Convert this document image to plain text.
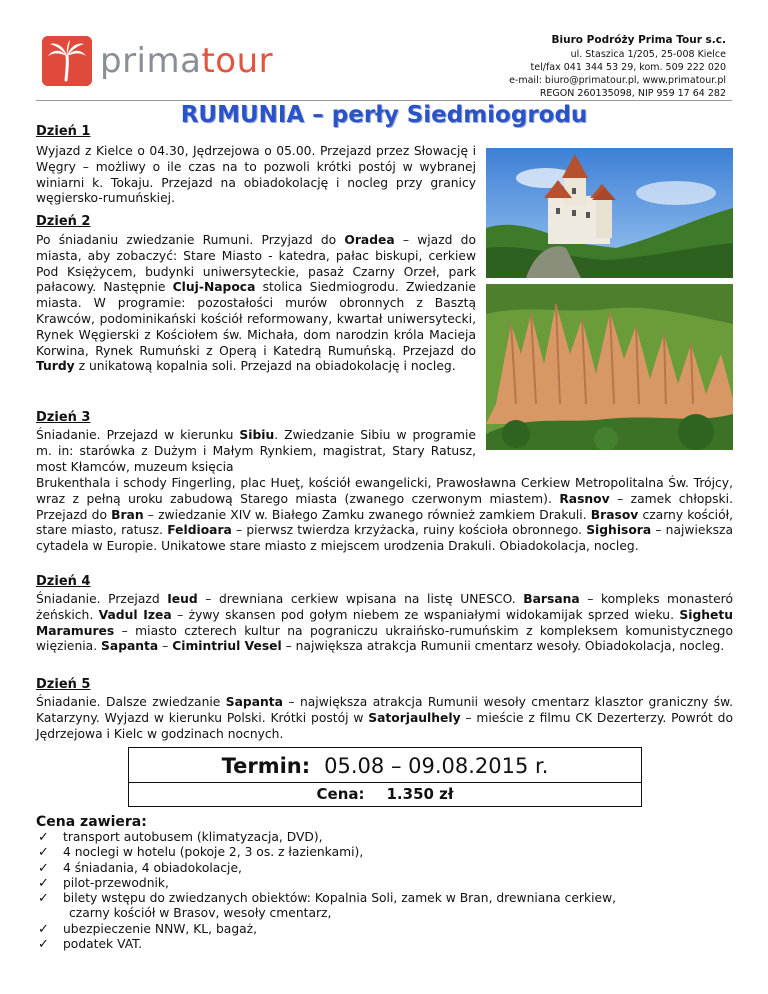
primatour
Biuro Podróży Prima Tour s.c.
ul. Staszica 1/205, 25-008 Kielce
tel/fax 041 344 53 29, kom. 509 222 020
e-mail: biuro@primatour.pl, www.primatour.pl
REGON 260135098, NIP 959 17 64 282
RUMUNIA – perły Siedmiogrodu
Dzień 1
Wyjazd z Kielce o 04.30, Jędrzejowa o 05.00. Przejazd przez Słowację i Węgry – możliwy o ile czas na to pozwoli krótki postój w wybranej winiarni k. Tokaju. Przejazd na obiadokolację i nocleg przy granicy węgiersko-rumuńskiej.
Dzień 2
Po śniadaniu zwiedzanie Rumuni. Przyjazd do Oradea – wjazd do miasta, aby zobaczyć: Stare Miasto - katedra, pałac biskupi, cerkiew Pod Księżycem, budynki uniwersyteckie, pasaż Czarny Orzeł, park pałacowy. Następnie Cluj-Napoca stolica Siedmiogrodu. Zwiedzanie miasta. W programie: pozostałości murów obronnych z Basztą Krawców, podominikański kościół reformowany, kwartał uniwersytecki, Rynek Węgierski z Kościołem św. Michała, dom narodzin króla Macieja Korwina, Rynek Rumuński z Operą i Katedrą Rumuńską. Przejazd do Turdy z unikatową kopalnia soli. Przejazd na obiadokolację i nocleg.
Dzień 3
Śniadanie. Przejazd w kierunku Sibiu. Zwiedzanie Sibiu w programie m. in: starówka z Dużym i Małym Rynkiem, magistrat, Stary Ratusz, most Kłamców, muzeum księcia
Brukenthala i schody Fingerling, plac Hueţ, kościół ewangelicki, Prawosławna Cerkiew Metropolitalna Św. Trójcy, wraz z pełną uroku zabudową Starego miasta (zwanego czerwonym miastem). Rasnov – zamek chłopski. Przejazd do Bran – zwiedzanie XIV w. Białego Zamku zwanego również zamkiem Drakuli. Brasov czarny kościół, stare miasto, ratusz. Feldioara – pierwsz twierdza krzyżacka, ruiny kościoła obronnego. Sighisora – najwieksza cytadela w Europie. Unikatowe stare miasto z miejscem urodzenia Drakuli. Obiadokolacja, nocleg.
Dzień 4
Śniadanie. Przejazd Ieud – drewniana cerkiew wpisana na listę UNESCO. Barsana – kompleks monasteró żeńskich. Vadul Izea – żywy skansen pod gołym niebem ze wspaniałymi widokamijak sprzed wieku. Sighetu Maramures – miasto czterech kultur na pograniczu ukraińsko-rumuńskim z kompleksem komunistycznego więzienia. Sapanta – Cimintriul Vesel – największa atrakcja Rumunii cmentarz wesoły. Obiadokolacja, nocleg.
Dzień 5
Śniadanie. Dalsze zwiedzanie Sapanta – największa atrakcja Rumunii wesoły cmentarz klasztor graniczny św. Katarzyny. Wyjazd w kierunku Polski. Krótki postój w Satorjaulhely – mieście z filmu CK Dezerterzy. Powrót do Jędrzejowa i Kielc w godzinach nocnych.
Termin: 05.08 – 09.08.2015 r.
Cena: 1.350 zł
Cena zawiera:
✓ transport autobusem (klimatyzacja, DVD),
✓ 4 noclegi w hotelu (pokoje 2, 3 os. z łazienkami),
✓ 4 śniadania, 4 obiadokolacje,
✓ pilot-przewodnik,
✓ bilety wstępu do zwiedzanych obiektów: Kopalnia Soli, zamek w Bran, drewniana cerkiew,
czarny kościół w Brasov, wesoły cmentarz,
✓ ubezpieczenie NNW, KL, bagaż,
✓ podatek VAT.
